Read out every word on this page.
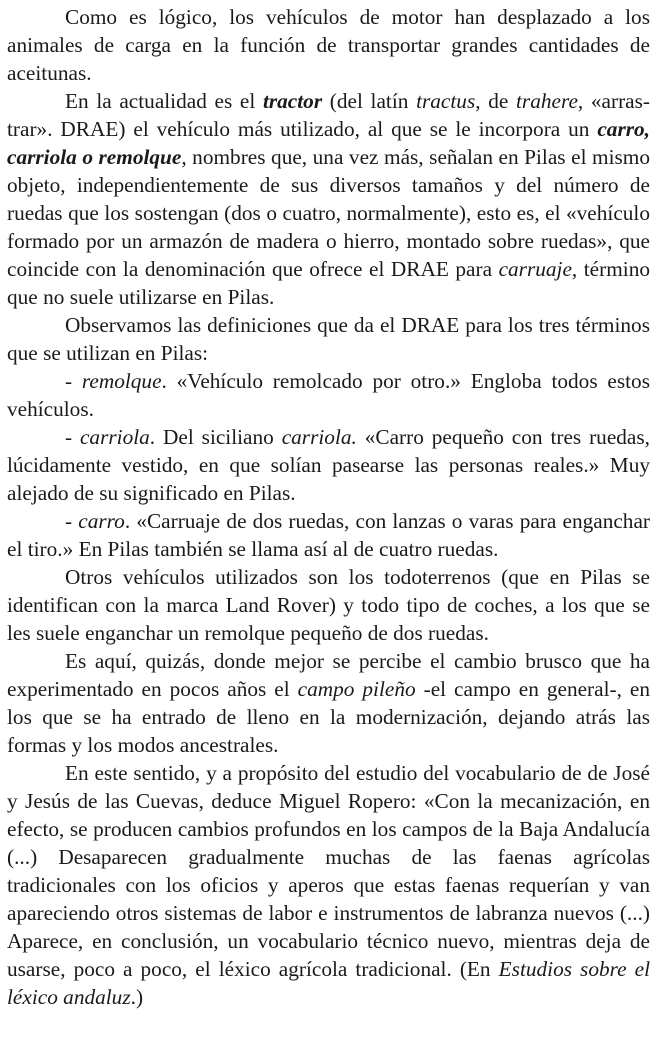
Como es lógico, los vehículos de motor han desplazado a los animales de carga en la función de transportar grandes cantidades de aceitunas.

En la actualidad es el tractor (del latín tractus, de trahere, «arrastrar». DRAE) el vehículo más utilizado, al que se le incorpora un carro, carriola o remolque, nombres que, una vez más, señalan en Pilas el mismo objeto, independientemente de sus diversos tamaños y del número de ruedas que los sostengan (dos o cuatro, normalmente), esto es, el «vehículo formado por un armazón de madera o hierro, montado sobre ruedas», que coincide con la denominación que ofrece el DRAE para carruaje, término que no suele utilizarse en Pilas.

Observamos las definiciones que da el DRAE para los tres términos que se utilizan en Pilas:

- remolque. «Vehículo remolcado por otro.» Engloba todos estos vehículos.

- carriola. Del siciliano carriola. «Carro pequeño con tres ruedas, lúcidamente vestido, en que solían pasearse las personas reales.» Muy alejado de su significado en Pilas.

- carro. «Carruaje de dos ruedas, con lanzas o varas para enganchar el tiro.» En Pilas también se llama así al de cuatro ruedas.

Otros vehículos utilizados son los todoterrenos (que en Pilas se identifican con la marca Land Rover) y todo tipo de coches, a los que se les suele enganchar un remolque pequeño de dos ruedas.

Es aquí, quizás, donde mejor se percibe el cambio brusco que ha experimentado en pocos años el campo pileño -el campo en general-, en los que se ha entrado de lleno en la modernización, dejando atrás las formas y los modos ancestrales.

En este sentido, y a propósito del estudio del vocabulario de de José y Jesús de las Cuevas, deduce Miguel Ropero: «Con la mecanización, en efecto, se producen cambios profundos en los campos de la Baja Andalucía (...) Desaparecen gradualmente muchas de las faenas agrícolas tradicionales con los oficios y aperos que estas faenas requerían y van apareciendo otros sistemas de labor e instrumentos de labranza nuevos (...) Aparece, en conclusión, un vocabulario técnico nuevo, mientras deja de usarse, poco a poco, el léxico agrícola tradicional. (En Estudios sobre el léxico andaluz.)
